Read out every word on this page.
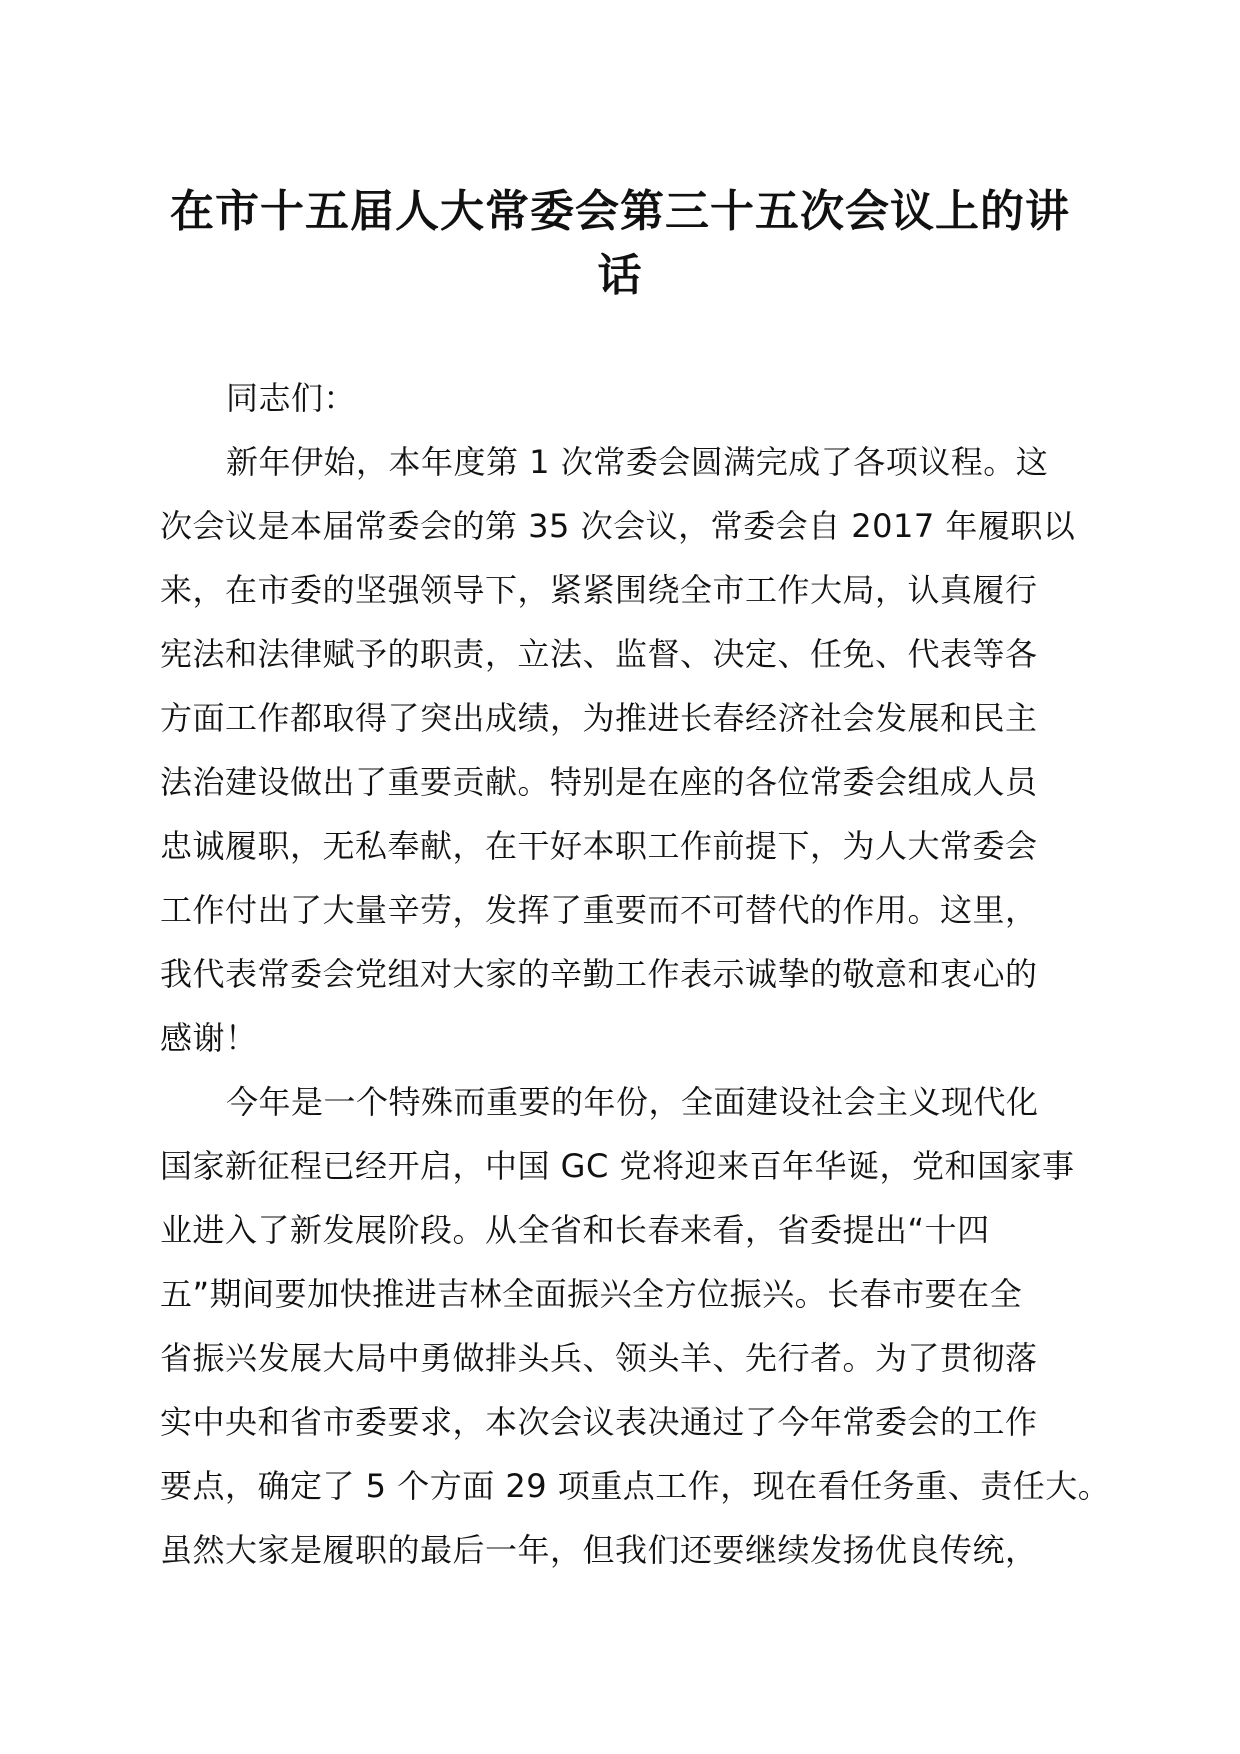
在市十五届人大常委会第三十五次会议上的讲
话
同志们：
新年伊始，本年度第 1 次常委会圆满完成了各项议程。这
次会议是本届常委会的第 35 次会议，常委会自 2017 年履职以
来，在市委的坚强领导下，紧紧围绕全市工作大局，认真履行
宪法和法律赋予的职责，立法、监督、决定、任免、代表等各
方面工作都取得了突出成绩，为推进长春经济社会发展和民主
法治建设做出了重要贡献。特别是在座的各位常委会组成人员
忠诚履职，无私奉献，在干好本职工作前提下，为人大常委会
工作付出了大量辛劳，发挥了重要而不可替代的作用。这里，
我代表常委会党组对大家的辛勤工作表示诚挚的敬意和衷心的
感谢！
今年是一个特殊而重要的年份，全面建设社会主义现代化
国家新征程已经开启，中国 GC 党将迎来百年华诞，党和国家事
业进入了新发展阶段。从全省和长春来看，省委提出“十四
五”期间要加快推进吉林全面振兴全方位振兴。长春市要在全
省振兴发展大局中勇做排头兵、领头羊、先行者。为了贯彻落
实中央和省市委要求，本次会议表决通过了今年常委会的工作
要点，确定了 5 个方面 29 项重点工作，现在看任务重、责任大。
虽然大家是履职的最后一年，但我们还要继续发扬优良传统，
